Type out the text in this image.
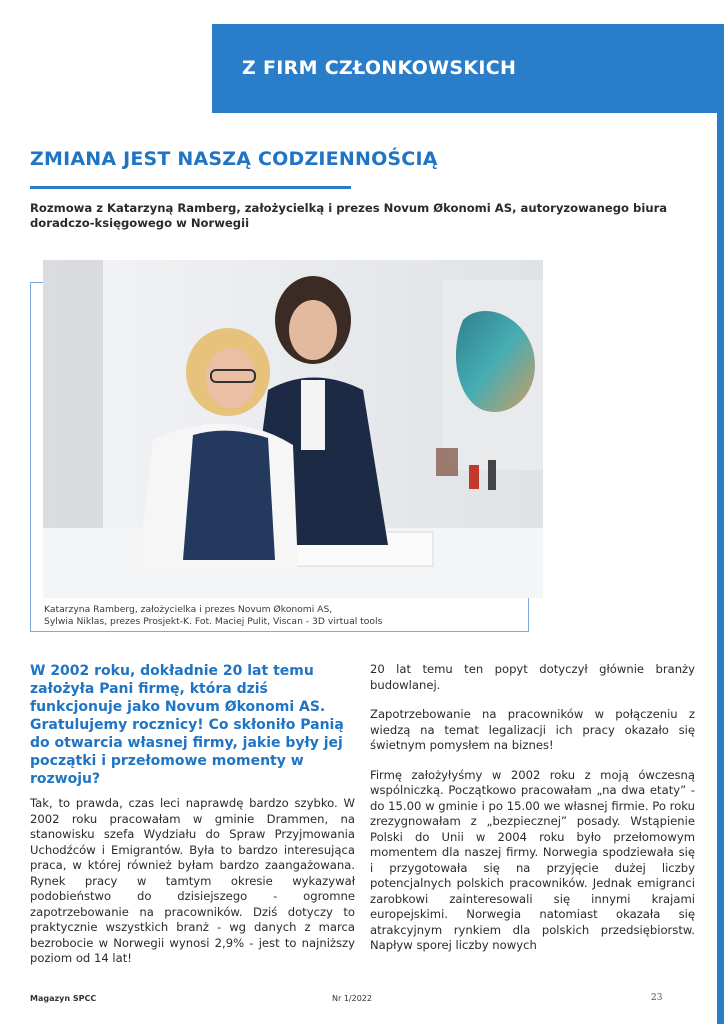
Z FIRM CZŁONKOWSKICH
ZMIANA JEST NASZĄ CODZIENNOŚCIĄ

Rozmowa z Katarzyną Ramberg, założycielką i prezes Novum Økonomi AS, autoryzowanego biura doradczo-księgowego w Norwegii

Katarzyna Ramberg, założycielka i prezes Novum Økonomi AS,
Sylwia Niklas, prezes Prosjekt-K. Fot. Maciej Pulit, Viscan - 3D virtual tools
W 2002 roku, dokładnie 20 lat temu założyła Pani firmę, która dziś funkcjonuje jako Novum Økonomi AS. Gratulujemy rocznicy! Co skłoniło Panią do otwarcia własnej firmy, jakie były jej początki i przełomowe momenty w rozwoju?

Tak, to prawda, czas leci naprawdę bardzo szybko. W 2002 roku pracowałam w gminie Drammen, na stanowisku szefa Wydziału do Spraw Przyjmowania Uchodźców i Emigrantów. Była to bardzo interesująca praca, w której również byłam bardzo zaangażowana. Rynek pracy w tamtym okresie wykazywał podobieństwo do dzisiejszego - ogromne zapotrzebowanie na pracowników. Dziś dotyczy to praktycznie wszystkich branż - wg danych z marca bezrobocie w Norwegii wynosi 2,9% - jest to najniższy poziom od 14 lat!

20 lat temu ten popyt dotyczył głównie branży budowlanej.

Zapotrzebowanie na pracowników w połączeniu z wiedzą na temat legalizacji ich pracy okazało się świetnym pomysłem na biznes!

Firmę założyłyśmy w 2002 roku z moją ówczesną wspólniczką. Początkowo pracowałam „na dwa etaty” - do 15.00 w gminie i po 15.00 we własnej firmie. Po roku zrezygnowałam z „bezpiecznej” posady. Wstąpienie Polski do Unii w 2004 roku było przełomowym momentem dla naszej firmy. Norwegia spodziewała się i przygotowała się na przyjęcie dużej liczby potencjalnych polskich pracowników. Jednak emigranci zarobkowi zainteresowali się innymi krajami europejskimi. Norwegia natomiast okazała się atrakcyjnym rynkiem dla polskich przedsiębiorstw. Napływ sporej liczby nowych

Magazyn SPCC	Nr 1/2022	23
